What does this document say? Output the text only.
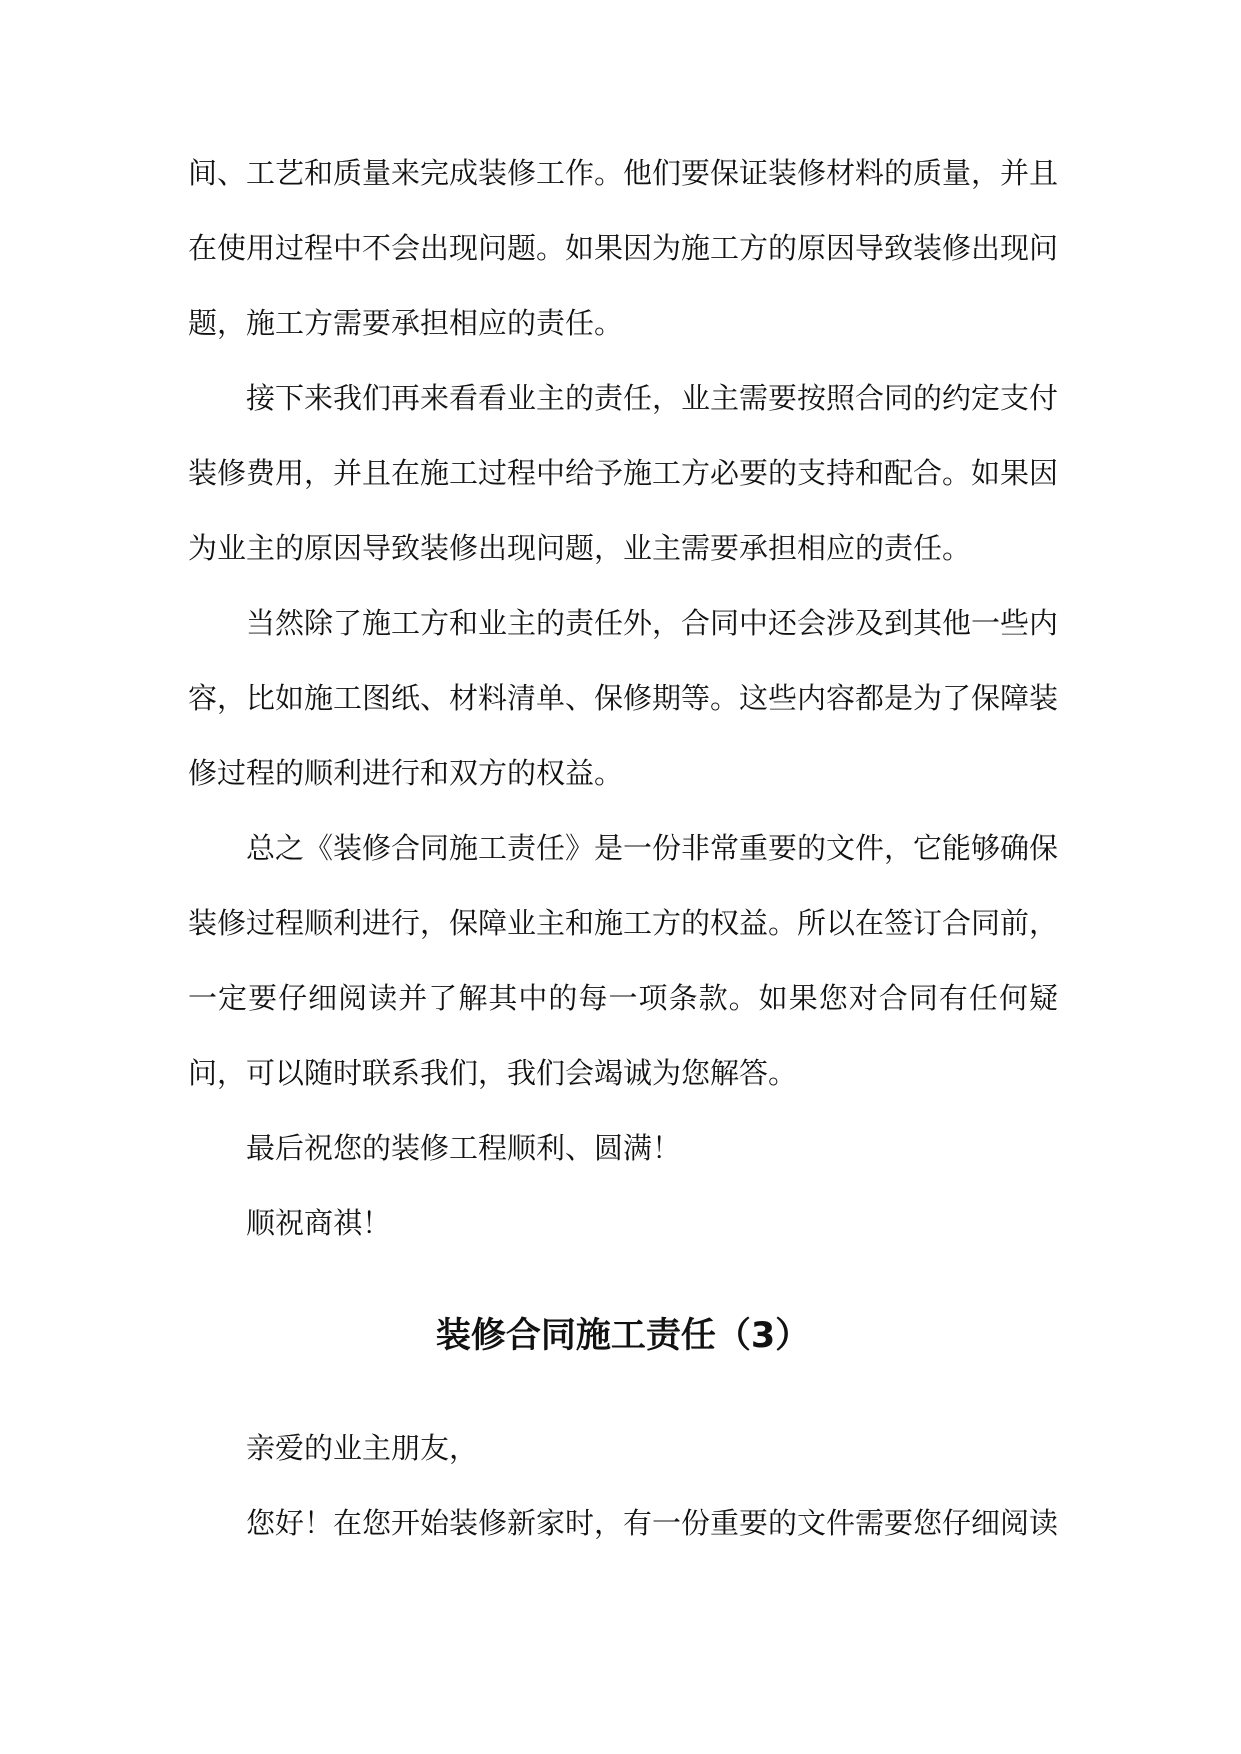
间、工艺和质量来完成装修工作。他们要保证装修材料的质量，并且在使用过程中不会出现问题。如果因为施工方的原因导致装修出现问题，施工方需要承担相应的责任。

接下来我们再来看看业主的责任，业主需要按照合同的约定支付装修费用，并且在施工过程中给予施工方必要的支持和配合。如果因为业主的原因导致装修出现问题，业主需要承担相应的责任。

当然除了施工方和业主的责任外，合同中还会涉及到其他一些内容，比如施工图纸、材料清单、保修期等。这些内容都是为了保障装修过程的顺利进行和双方的权益。

总之《装修合同施工责任》是一份非常重要的文件，它能够确保装修过程顺利进行，保障业主和施工方的权益。所以在签订合同前，一定要仔细阅读并了解其中的每一项条款。如果您对合同有任何疑问，可以随时联系我们，我们会竭诚为您解答。

最后祝您的装修工程顺利、圆满！

顺祝商祺！

装修合同施工责任（3）

亲爱的业主朋友，

您好！在您开始装修新家时，有一份重要的文件需要您仔细阅读
